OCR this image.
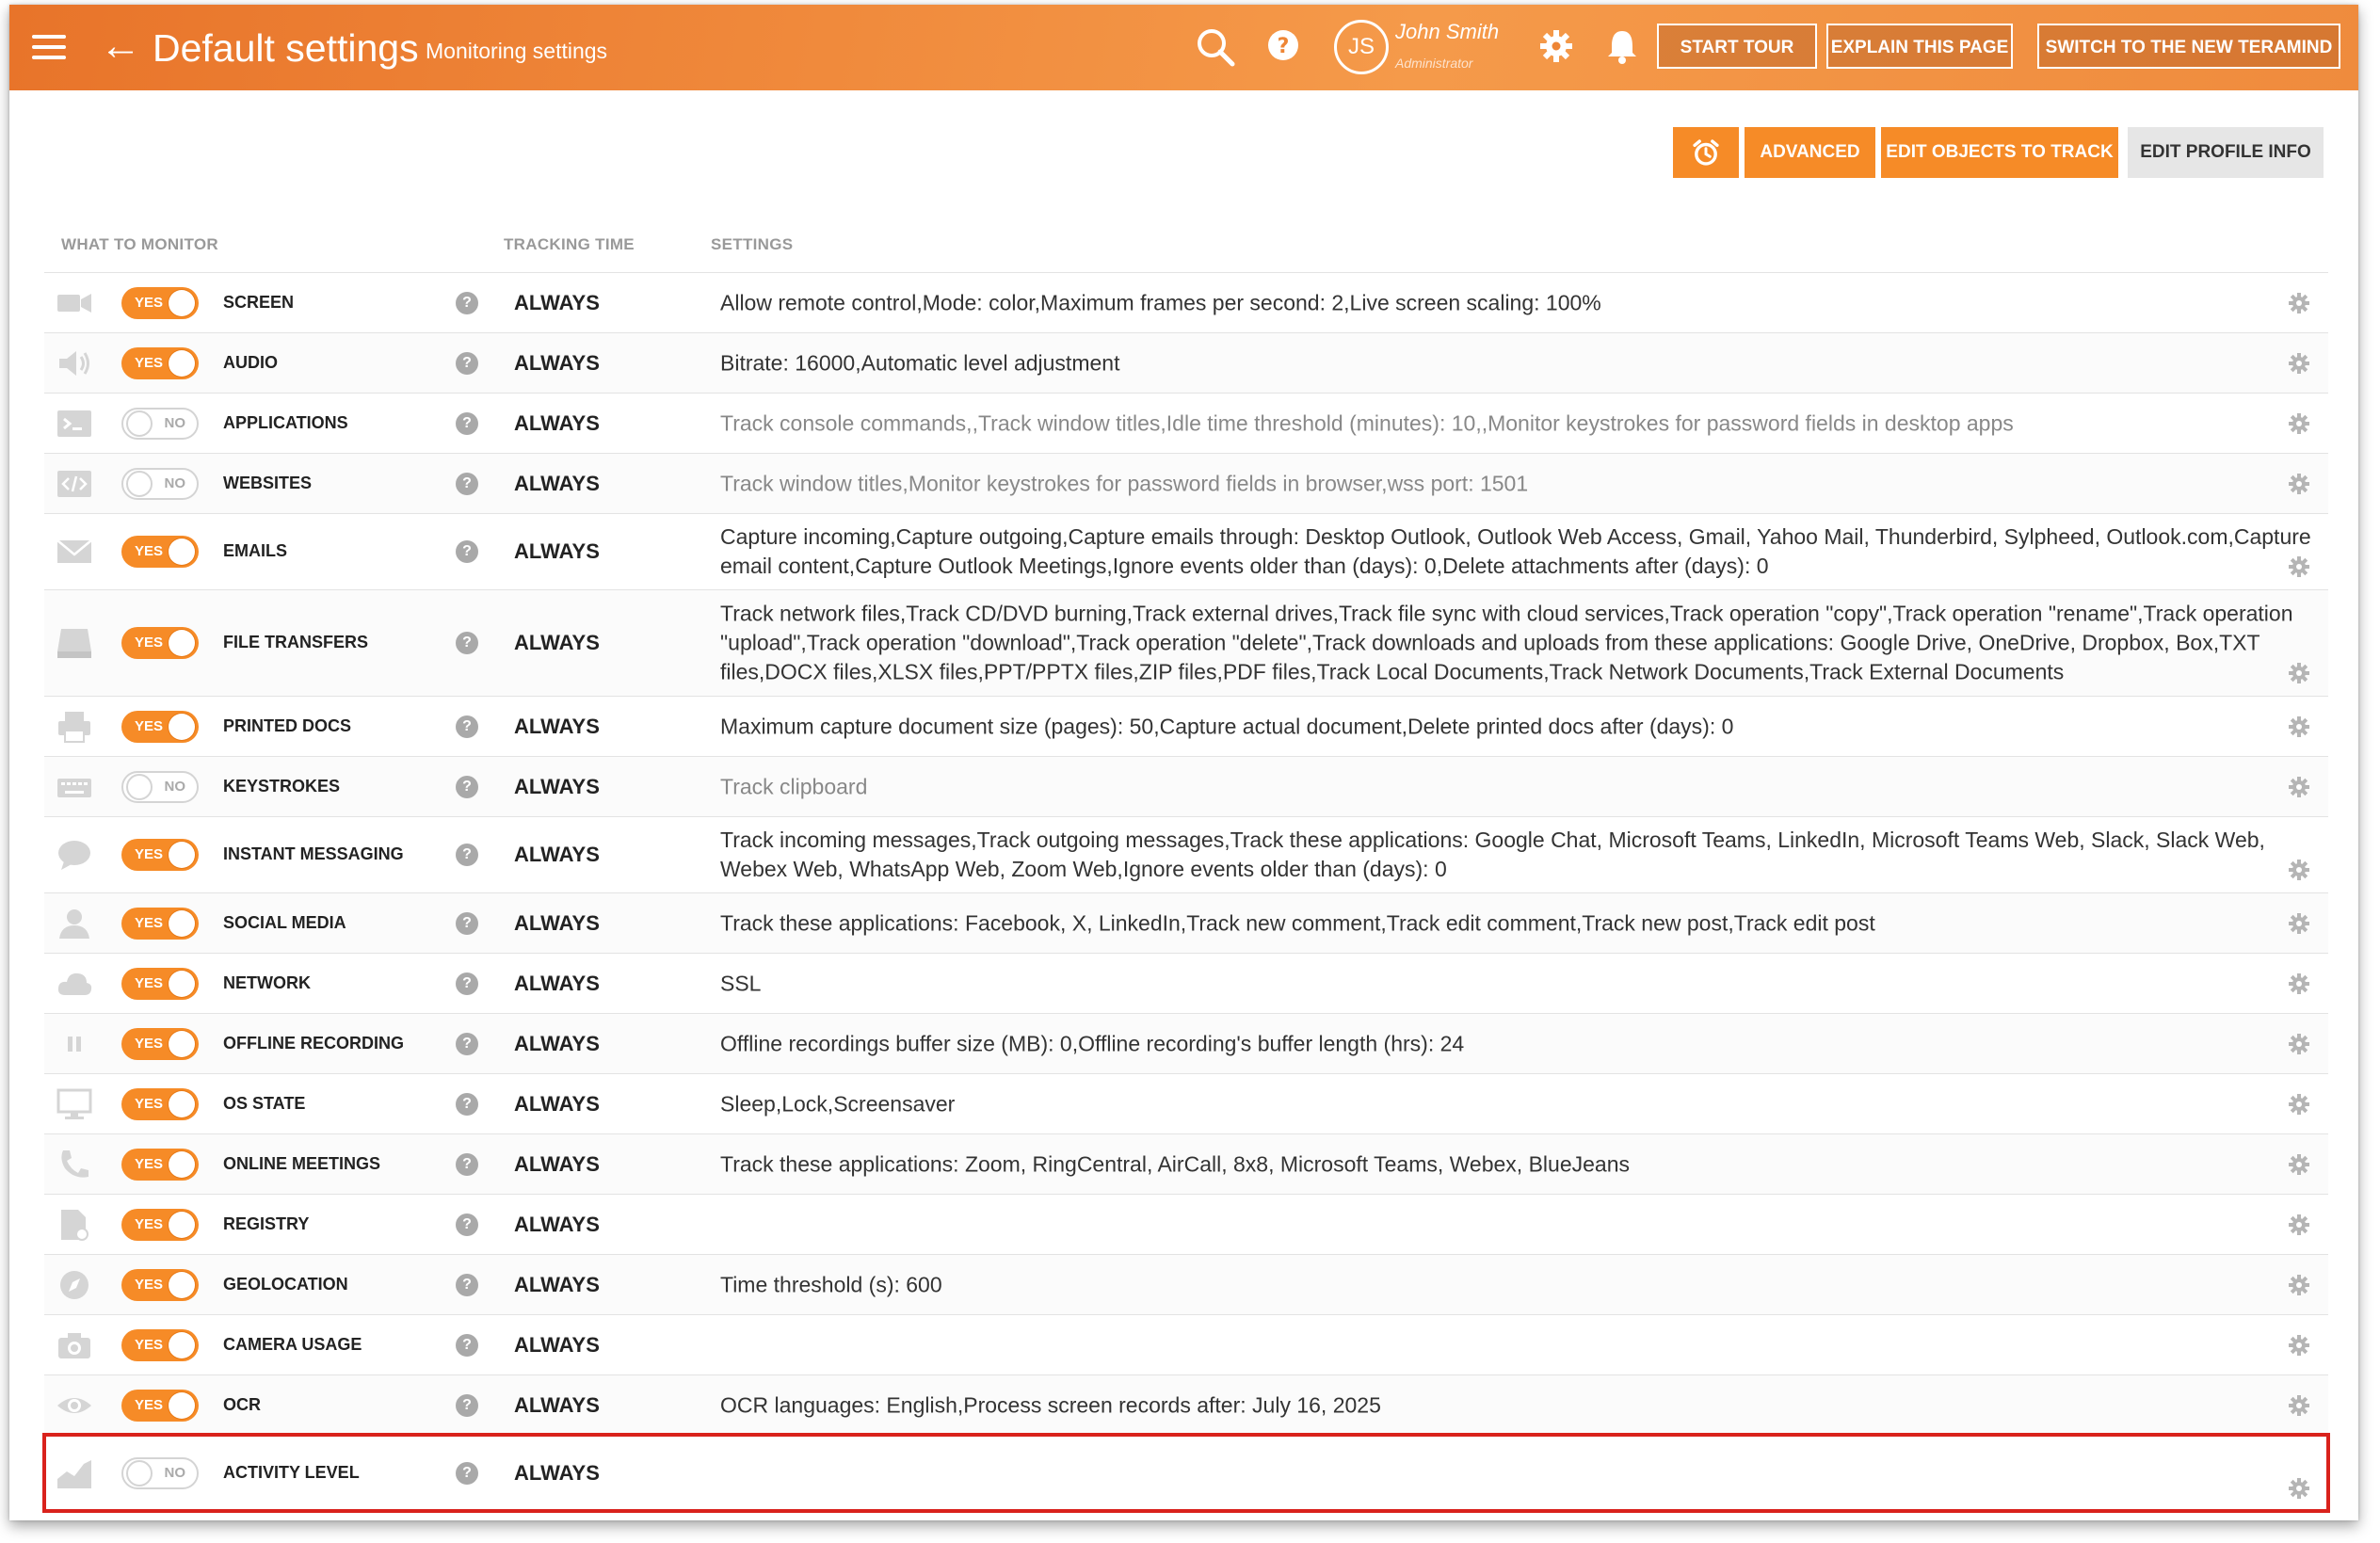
← Default settings Monitoring settings	?	JS
John Smith
Administrator
START TOUR	EXPLAIN THIS PAGE	SWITCH TO THE NEW TERAMIND
ADVANCED	EDIT OBJECTS TO TRACK	EDIT PROFILE INFO
WHAT TO MONITOR	TRACKING TIME	SETTINGS
YES	SCREEN	?	ALWAYS	Allow remote control,Mode: color,Maximum frames per second: 2,Live screen scaling: 100%
YES	AUDIO	?	ALWAYS	Bitrate: 16000,Automatic level adjustment
NO APPLICATIONS	?	ALWAYS	Track console commands,,Track window titles,Idle time threshold (minutes): 10,,Monitor keystrokes for password fields in desktop apps
NO WEBSITES	?	ALWAYS	Track window titles,Monitor keystrokes for password fields in browser,wss port: 1501
YES	EMAILS	?	ALWAYS
Capture incoming,Capture outgoing,Capture emails through: Desktop Outlook, Outlook Web Access, Gmail, Yahoo Mail, Thunderbird, Sylpheed, Outlook.com,Capture email content,Capture Outlook Meetings,Ignore events older than (days): 0,Delete attachments after (days): 0
YES	FILE TRANSFERS	?	ALWAYS
Track network files,Track CD/DVD burning,Track external drives,Track file sync with cloud services,Track operation "copy",Track operation "rename",Track operation "upload",Track operation "download",Track operation "delete",Track downloads and uploads from these applications: Google Drive, OneDrive, Dropbox, Box,TXT files,DOCX files,XLSX files,PPT/PPTX files,ZIP files,PDF files,Track Local Documents,Track Network Documents,Track External Documents
YES	PRINTED DOCS	?	ALWAYS	Maximum capture document size (pages): 50,Capture actual document,Delete printed docs after (days): 0
NO KEYSTROKES	?	ALWAYS	Track clipboard
YES	INSTANT MESSAGING	?	ALWAYS
Track incoming messages,Track outgoing messages,Track these applications: Google Chat, Microsoft Teams, LinkedIn, Microsoft Teams Web, Slack, Slack Web, Webex Web, WhatsApp Web, Zoom Web,Ignore events older than (days): 0
YES	SOCIAL MEDIA	?	ALWAYS	Track these applications: Facebook, X, LinkedIn,Track new comment,Track edit comment,Track new post,Track edit post
YES	NETWORK	?	ALWAYS	SSL
YES	OFFLINE RECORDING	?	ALWAYS	Offline recordings buffer size (MB): 0,Offline recording's buffer length (hrs): 24
YES	OS STATE	?	ALWAYS	Sleep,Lock,Screensaver
YES	ONLINE MEETINGS	?	ALWAYS	Track these applications: Zoom, RingCentral, AirCall, 8x8, Microsoft Teams, Webex, BlueJeans
YES	REGISTRY	?	ALWAYS
YES	GEOLOCATION	?	ALWAYS	Time threshold (s): 600
YES	CAMERA USAGE	?	ALWAYS
YES	OCR	?	ALWAYS	OCR languages: English,Process screen records after: July 16, 2025
NO ACTIVITY LEVEL	?	ALWAYS
